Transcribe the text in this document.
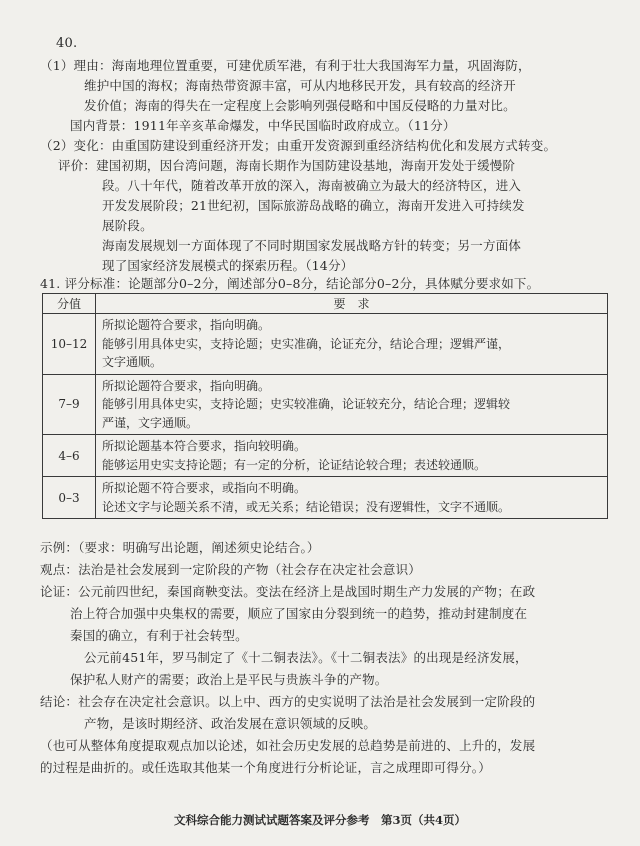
40.
（1）理由：海南地理位置重要，可建优质军港，有利于壮大我国海军力量，巩固海防，
维护中国的海权；海南热带资源丰富，可从内地移民开发，具有较高的经济开
发价值；海南的得失在一定程度上会影响列强侵略和中国反侵略的力量对比。
国内背景：1911年辛亥革命爆发，中华民国临时政府成立。（11分）
（2）变化：由重国防建设到重经济开发；由重开发资源到重经济结构优化和发展方式转变。
评价：建国初期，因台湾问题，海南长期作为国防建设基地，海南开发处于缓慢阶
段。八十年代，随着改革开放的深入，海南被确立为最大的经济特区，进入
开发发展阶段；21世纪初，国际旅游岛战略的确立，海南开发进入可持续发
展阶段。
海南发展规划一方面体现了不同时期国家发展战略方针的转变；另一方面体
现了国家经济发展模式的探索历程。（14分）
41. 评分标准：论题部分0–2分，阐述部分0–8分，结论部分0–2分，具体赋分要求如下。
分值	要　求
10–12	所拟论题符合要求，指向明确。
能够引用具体史实，支持论题；史实准确，论证充分，结论合理；逻辑严谨，
文字通顺。

7–9	所拟论题符合要求，指向明确。
能够引用具体史实，支持论题；史实较准确，论证较充分，结论合理；逻辑较
严谨，文字通顺。

4–6	所拟论题基本符合要求，指向较明确。
能够运用史实支持论题；有一定的分析，论证结论较合理；表述较通顺。

0–3	所拟论题不符合要求，或指向不明确。
论述文字与论题关系不清，或无关系；结论错误；没有逻辑性，文字不通顺。
示例：（要求：明确写出论题，阐述须史论结合。）
观点：法治是社会发展到一定阶段的产物（社会存在决定社会意识）
论证：公元前四世纪，秦国商鞅变法。变法在经济上是战国时期生产力发展的产物；在政
治上符合加强中央集权的需要，顺应了国家由分裂到统一的趋势，推动封建制度在
秦国的确立，有利于社会转型。
公元前451年，罗马制定了《十二铜表法》。《十二铜表法》的出现是经济发展，
保护私人财产的需要；政治上是平民与贵族斗争的产物。
结论：社会存在决定社会意识。以上中、西方的史实说明了法治是社会发展到一定阶段的
产物，是该时期经济、政治发展在意识领域的反映。
（也可从整体角度提取观点加以论述，如社会历史发展的总趋势是前进的、上升的，发展
的过程是曲折的。或任选取其他某一个角度进行分析论证，言之成理即可得分。）
文科综合能力测试试题答案及评分参考　第3页（共4页）
